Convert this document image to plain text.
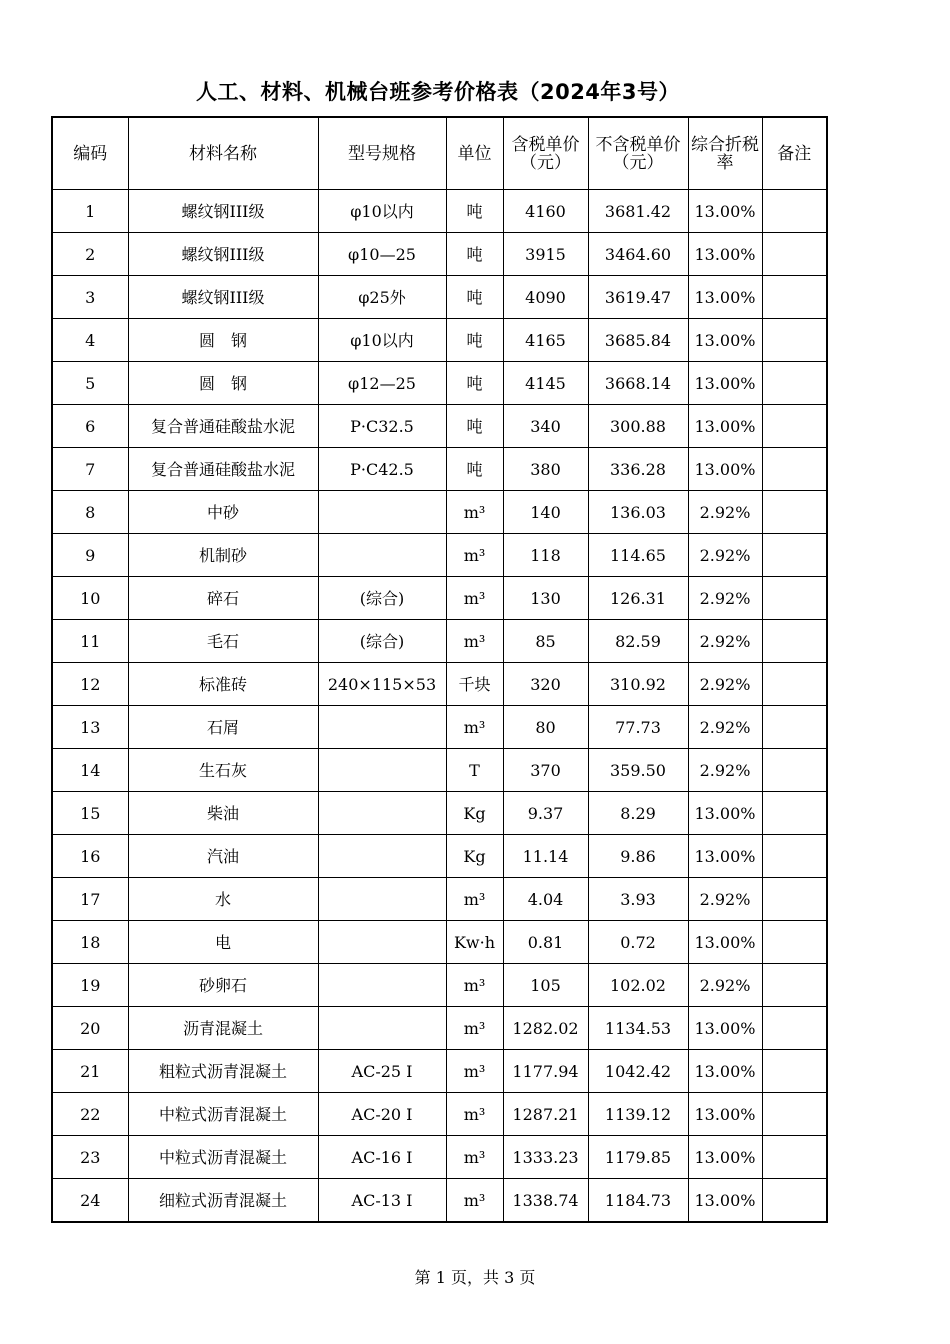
人工、材料、机械台班参考价格表（2024年3号）
编码	材料名称	型号规格	单位	含税单价（元）	不含税单价（元）	综合折税率	备注
1	螺纹钢III级	φ10以内	吨	4160	3681.42	13.00%	
2	螺纹钢III级	φ10—25	吨	3915	3464.60	13.00%	
3	螺纹钢III级	φ25外	吨	4090	3619.47	13.00%	
4	圆　钢	φ10以内	吨	4165	3685.84	13.00%	
5	圆　钢	φ12—25	吨	4145	3668.14	13.00%	
6	复合普通硅酸盐水泥	P·C32.5	吨	340	300.88	13.00%	
7	复合普通硅酸盐水泥	P·C42.5	吨	380	336.28	13.00%	
8	中砂		m³	140	136.03	2.92%	
9	机制砂		m³	118	114.65	2.92%	
10	碎石	(综合)	m³	130	126.31	2.92%	
11	毛石	(综合)	m³	85	82.59	2.92%	
12	标准砖	240×115×53	千块	320	310.92	2.92%	
13	石屑		m³	80	77.73	2.92%	
14	生石灰		T	370	359.50	2.92%	
15	柴油		Kg	9.37	8.29	13.00%	
16	汽油		Kg	11.14	9.86	13.00%	
17	水		m³	4.04	3.93	2.92%	
18	电		Kw·h	0.81	0.72	13.00%	
19	砂卵石		m³	105	102.02	2.92%	
20	沥青混凝土		m³	1282.02	1134.53	13.00%	
21	粗粒式沥青混凝土	AC-25 I	m³	1177.94	1042.42	13.00%	
22	中粒式沥青混凝土	AC-20 I	m³	1287.21	1139.12	13.00%	
23	中粒式沥青混凝土	AC-16 I	m³	1333.23	1179.85	13.00%	
24	细粒式沥青混凝土	AC-13 I	m³	1338.74	1184.73	13.00%	
第 1 页，共 3 页
